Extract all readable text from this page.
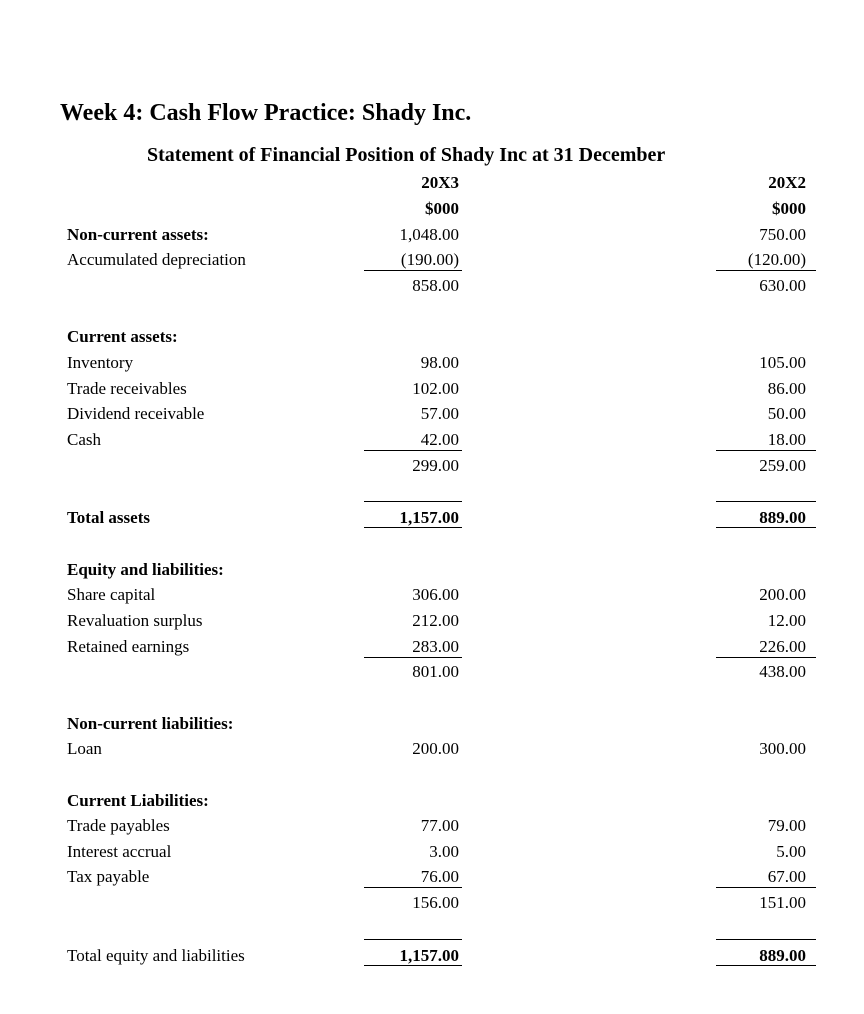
Week 4: Cash Flow Practice: Shady Inc.
Statement of Financial Position of Shady Inc at 31 December
20X3	20X2
$000	$000
Non-current assets:	1,048.00	750.00
Accumulated depreciation	(190.00)	(120.00)
858.00	630.00
Current assets:
Inventory	98.00	105.00
Trade receivables	102.00	86.00
Dividend receivable	57.00	50.00
Cash	42.00	18.00
299.00	259.00
Total assets	1,157.00	889.00
Equity and liabilities:
Share capital	306.00	200.00
Revaluation surplus	212.00	12.00
Retained earnings	283.00	226.00
801.00	438.00
Non-current liabilities:
Loan	200.00	300.00
Current Liabilities:
Trade payables	77.00	79.00
Interest accrual	3.00	5.00
Tax payable	76.00	67.00
156.00	151.00
Total equity and liabilities	1,157.00	889.00
